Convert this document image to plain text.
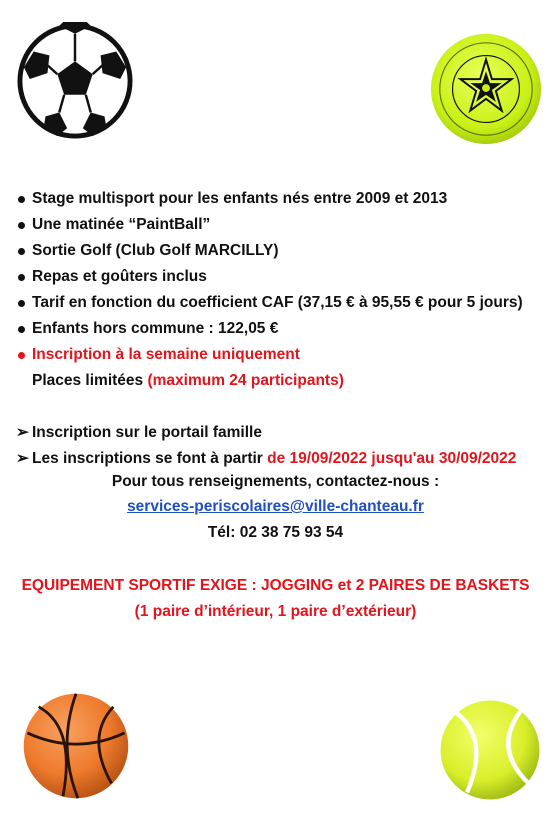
Stage multisport pour les enfants nés entre 2009 et 2013
Une matinée “PaintBall”
Sortie Golf (Club Golf MARCILLY)
Repas et goûters inclus
Tarif en fonction du coefficient CAF (37,15 € à 95,55 € pour 5 jours)
Enfants hors commune : 122,05 €
Inscription à la semaine uniquement
Places limitées (maximum 24 participants)
➢ Inscription sur le portail famille
➢ Les inscriptions se font à partir de 19/09/2022 jusqu'au 30/09/2022
Pour tous renseignements, contactez-nous :
services-periscolaires@ville-chanteau.fr
Tél: 02 38 75 93 54
EQUIPEMENT SPORTIF EXIGE : JOGGING et 2 PAIRES DE BASKETS
(1 paire d’intérieur, 1 paire d’extérieur)
